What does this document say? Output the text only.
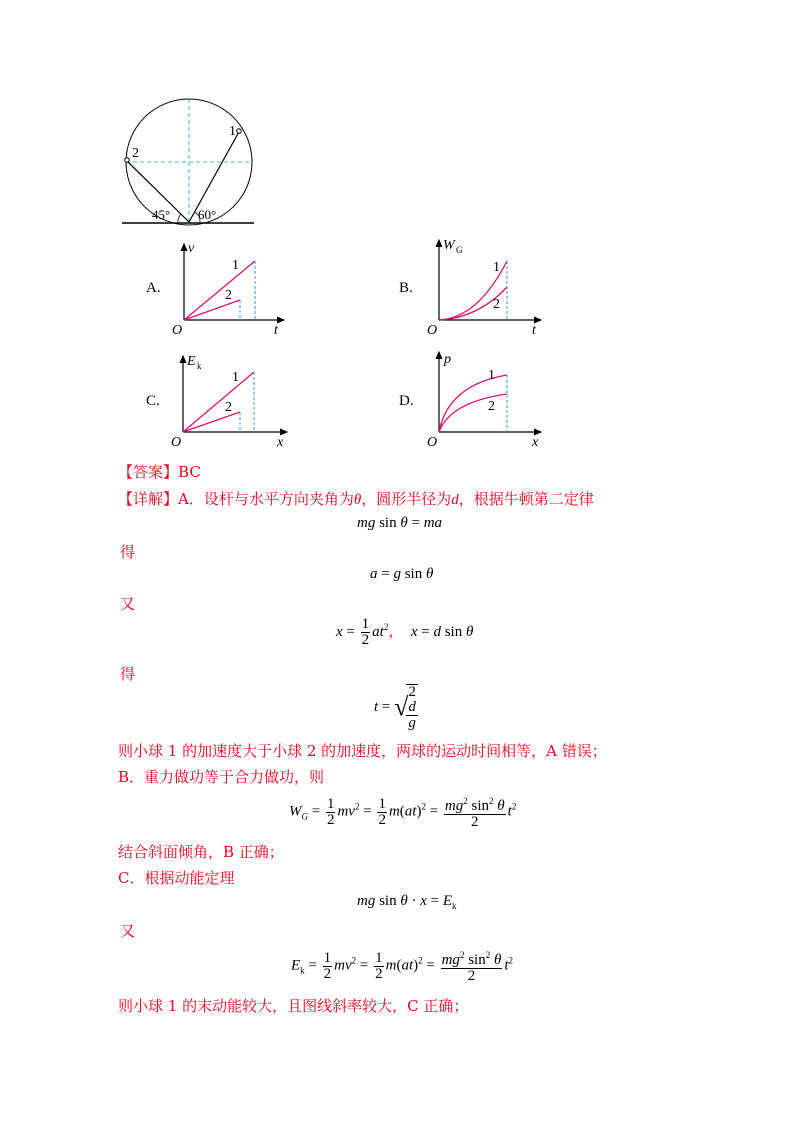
1
2
45° 60°
A.
v
t
O
1
2	B.
W G
t
O
1
2
C.
E k
x
O
1
2	D.
p
x
O
1
2
【答案】BC
【详解】A．设杆与水平方向夹角为θ，圆形半径为d，根据牛顿第二定律
mg sin θ = ma
得
a = g sin θ
又
$x = \frac{1}{2} at^2$， x = d sin θ
得
t = √
2
d
g
则小球 1 的加速度大于小球 2 的加速度，两球的运动时间相等，A 错误；
B．重力做功等于合力做功，则
$W_G = \frac{1}{2} mv^2 = \frac{1}{2} m(at)^2 = \frac{mg^2 \sin^2 \theta}{2} t^2$
结合斜面倾角，B 正确；
C．根据动能定理
mg $\sin \theta \cdot x = E_k$
又
$E_k = \frac{1}{2} mv^2 = \frac{1}{2} m(at)^2 = \frac{mg^2 \sin^2 \theta}{2} t^2$
则小球 1 的末动能较大，且图线斜率较大，C 正确；
